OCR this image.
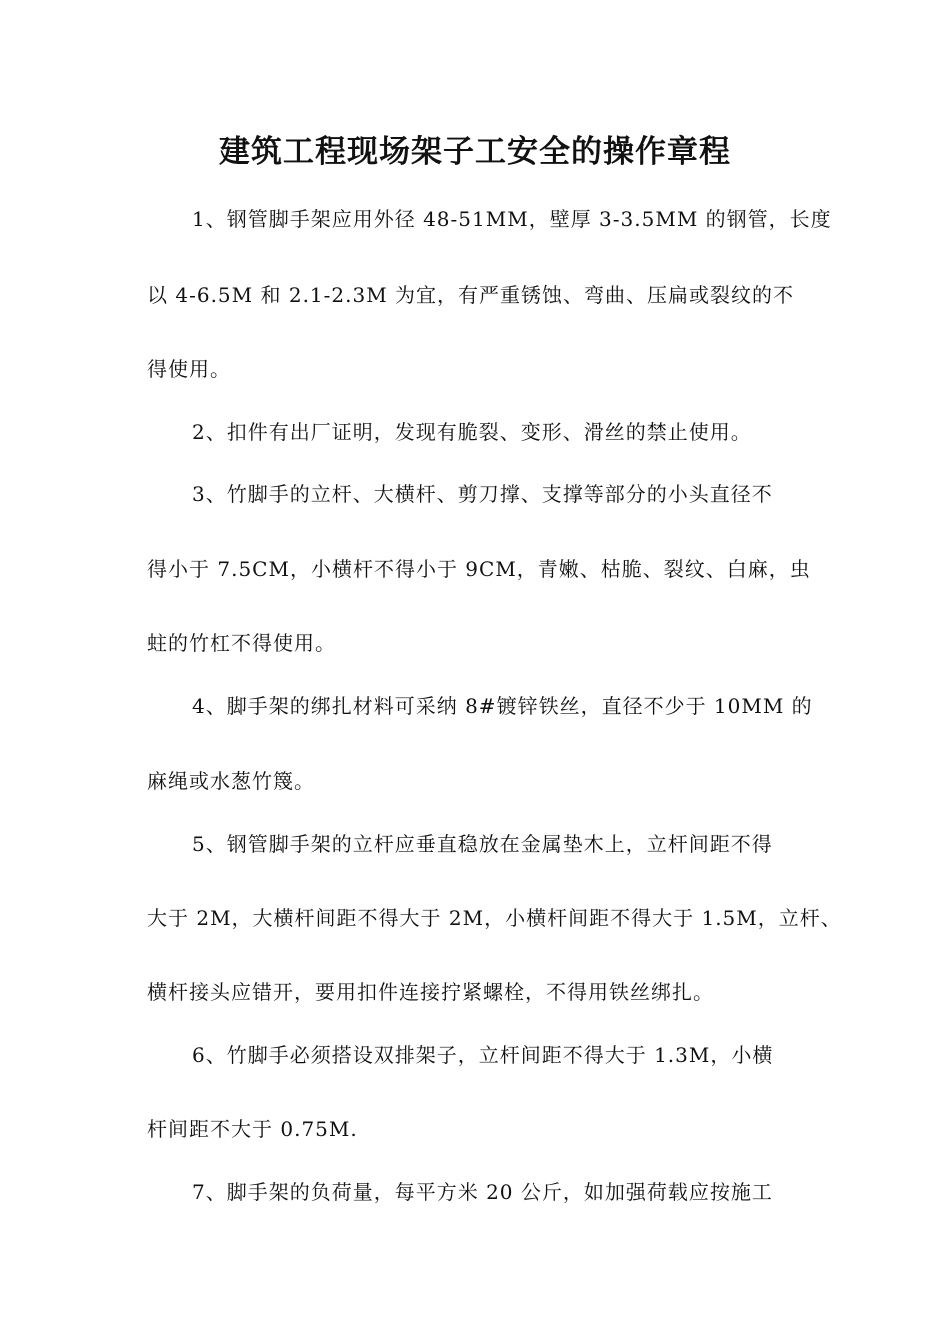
建筑工程现场架子工安全的操作章程
1、钢管脚手架应用外径 48-51MM，壁厚 3-3.5MM 的钢管，长度
以 4-6.5M 和 2.1-2.3M 为宜，有严重锈蚀、弯曲、压扁或裂纹的不
得使用。
2、扣件有出厂证明，发现有脆裂、变形、滑丝的禁止使用。
3、竹脚手的立杆、大横杆、剪刀撑、支撑等部分的小头直径不
得小于 7.5CM，小横杆不得小于 9CM，青嫩、枯脆、裂纹、白麻，虫
蛀的竹杠不得使用。
4、脚手架的绑扎材料可采纳 8#镀锌铁丝，直径不少于 10MM 的
麻绳或水葱竹篾。
5、钢管脚手架的立杆应垂直稳放在金属垫木上，立杆间距不得
大于 2M，大横杆间距不得大于 2M，小横杆间距不得大于 1.5M，立杆、
横杆接头应错开，要用扣件连接拧紧螺栓，不得用铁丝绑扎。
6、竹脚手必须搭设双排架子，立杆间距不得大于 1.3M，小横
杆间距不大于 0.75M.
7、脚手架的负荷量，每平方米 20 公斤，如加强荷载应按施工
